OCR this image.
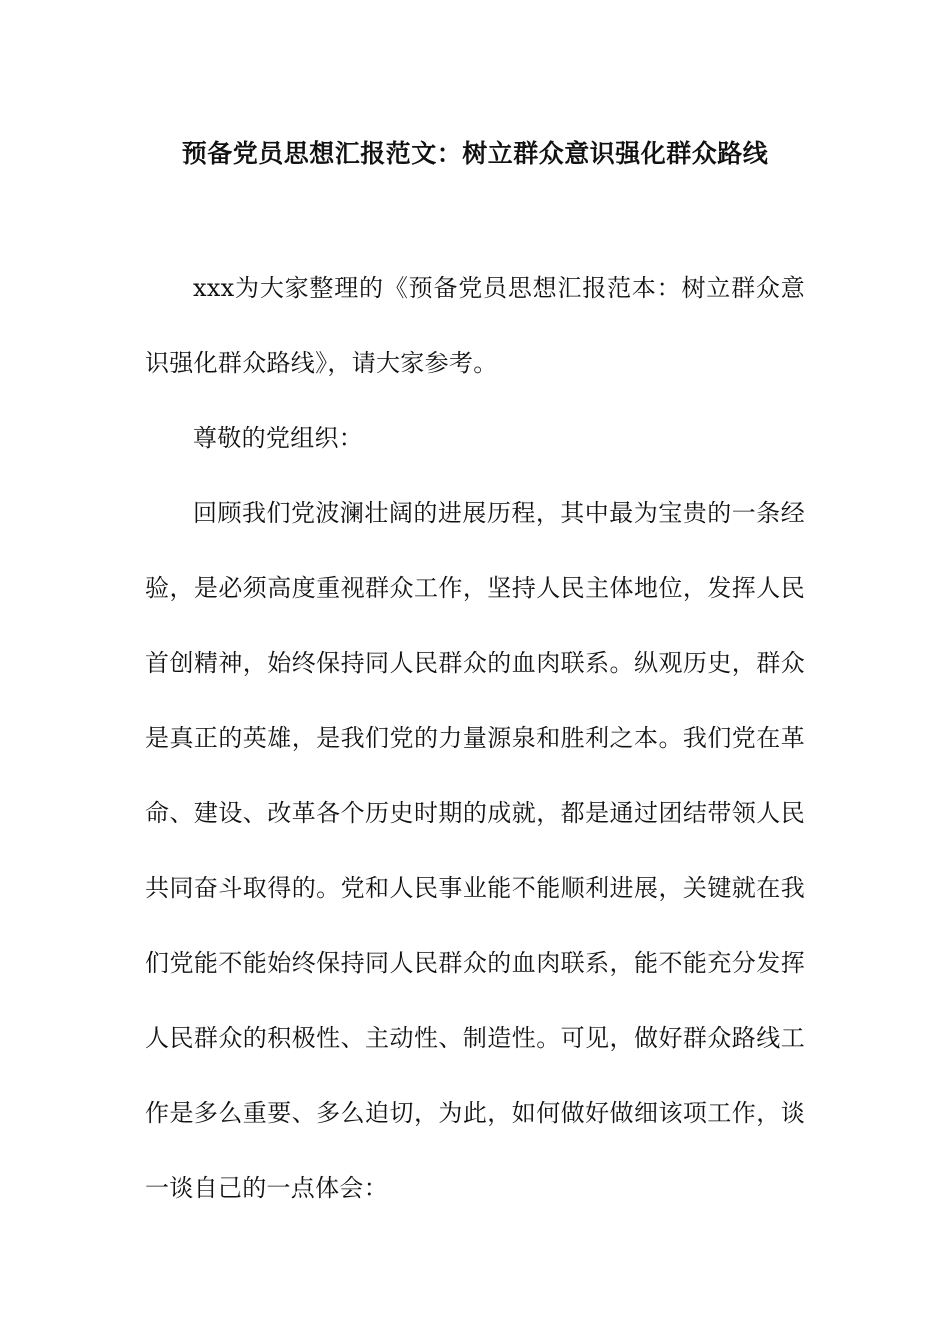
预备党员思想汇报范文：树立群众意识强化群众路线

xxx为大家整理的《预备党员思想汇报范本：树立群众意识强化群众路线》，请大家参考。

尊敬的党组织：

回顾我们党波澜壮阔的进展历程，其中最为宝贵的一条经验，是必须高度重视群众工作，坚持人民主体地位，发挥人民首创精神，始终保持同人民群众的血肉联系。纵观历史，群众是真正的英雄，是我们党的力量源泉和胜利之本。我们党在革命、建设、改革各个历史时期的成就，都是通过团结带领人民共同奋斗取得的。党和人民事业能不能顺利进展，关键就在我们党能不能始终保持同人民群众的血肉联系，能不能充分发挥人民群众的积极性、主动性、制造性。可见，做好群众路线工作是多么重要、多么迫切，为此，如何做好做细该项工作，谈一谈自己的一点体会：
